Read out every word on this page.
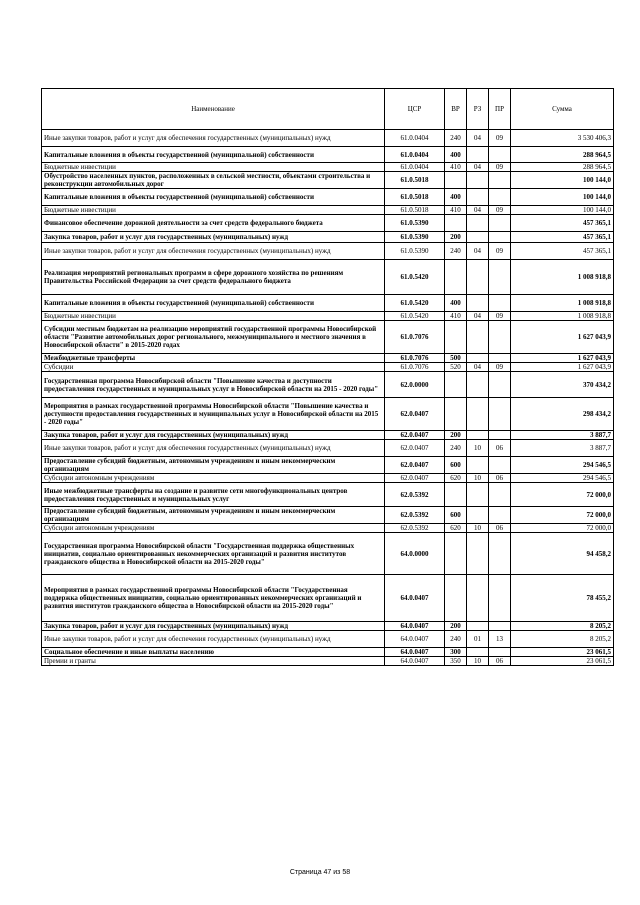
Наименование	ЦСР	ВР	РЗ	ПР	Сумма
Иные закупки товаров, работ и услуг для обеспечения государственных (муниципальных) нужд	61.0.0404	240	04	09	3 530 406,3
Капитальные вложения в объекты государственной (муниципальной) собственности	61.0.0404	400			288 964,5
Бюджетные инвестиции	61.0.0404	410	04	09	288 964,5
Обустройство населенных пунктов, расположенных в сельской местности, объектами строительства и реконструкции автомобильных дорог	61.0.5018				100 144,0
Капитальные вложения в объекты государственной (муниципальной) собственности	61.0.5018	400			100 144,0
Бюджетные инвестиции	61.0.5018	410	04	09	100 144,0
Финансовое обеспечение дорожной деятельности за счет средств федерального бюджета	61.0.5390				457 365,1
Закупка товаров, работ и услуг для государственных (муниципальных) нужд	61.0.5390	200			457 365,1
Иные закупки товаров, работ и услуг для обеспечения государственных (муниципальных) нужд	61.0.5390	240	04	09	457 365,1
Реализация мероприятий региональных программ в сфере дорожного хозяйства по решениям Правительства Российской Федерации за счет средств федерального бюджета	61.0.5420				1 008 918,8
Капитальные вложения в объекты государственной (муниципальной) собственности	61.0.5420	400			1 008 918,8
Бюджетные инвестиции	61.0.5420	410	04	09	1 008 918,8
Субсидии местным бюджетам на реализацию мероприятий государственной программы Новосибирской области "Развитие автомобильных дорог регионального, межмуниципального и местного значения в Новосибирской области" в 2015-2020 годах	61.0.7076				1 627 043,9
Межбюджетные трансферты	61.0.7076	500			1 627 043,9
Субсидии	61.0.7076	520	04	09	1 627 043,9
Государственная программа Новосибирской области "Повышение качества и доступности предоставления государственных и муниципальных услуг в Новосибирской области на 2015 - 2020 годы"	62.0.0000				370 434,2
Мероприятия в рамках государственной программы Новосибирской области "Повышение качества и доступности предоставления государственных и муниципальных услуг в Новосибирской области на 2015 - 2020 годы"	62.0.0407				298 434,2
Закупка товаров, работ и услуг для государственных (муниципальных) нужд	62.0.0407	200			3 887,7
Иные закупки товаров, работ и услуг для обеспечения государственных (муниципальных) нужд	62.0.0407	240	10	06	3 887,7
Предоставление субсидий бюджетным, автономным учреждениям и иным некоммерческим организациям	62.0.0407	600			294 546,5
Субсидии автономным учреждениям	62.0.0407	620	10	06	294 546,5
Иные межбюджетные трансферты на создание и развитие сети многофункциональных центров предоставления государственных и муниципальных услуг	62.0.5392				72 000,0
Предоставление субсидий бюджетным, автономным учреждениям и иным некоммерческим организациям	62.0.5392	600			72 000,0
Субсидии автономным учреждениям	62.0.5392	620	10	06	72 000,0
Государственная программа Новосибирской области "Государственная поддержка общественных инициатив, социально ориентированных некоммерческих организаций и развития институтов гражданского общества в Новосибирской области на 2015-2020 годы"	64.0.0000				94 458,2
Мероприятия в рамках государственной программы Новосибирской области "Государственная поддержка общественных инициатив, социально ориентированных некоммерческих организаций и развития институтов гражданского общества в Новосибирской области на 2015-2020 годы"	64.0.0407				78 455,2
Закупка товаров, работ и услуг для государственных (муниципальных) нужд	64.0.0407	200			8 205,2
Иные закупки товаров, работ и услуг для обеспечения государственных (муниципальных) нужд	64.0.0407	240	01	13	8 205,2
Социальное обеспечение и иные выплаты населению	64.0.0407	300			23 061,5
Премии и гранты	64.0.0407	350	10	06	23 061,5
Страница 47 из 58
